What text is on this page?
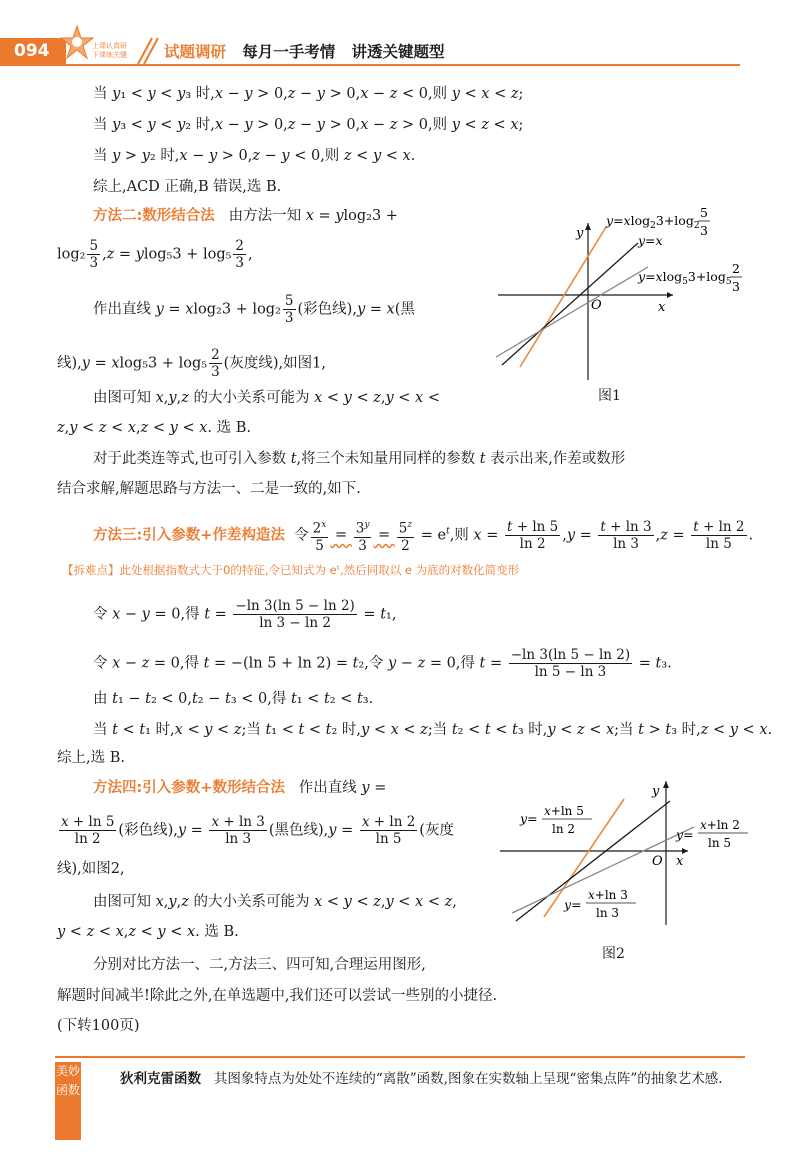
094	上课认真研
下课练关键 试题调研 每月一手考情 讲透关键题型
当 y₁ < y < y₃ 时,x − y > 0,z − y > 0,x − z < 0,则 y < x < z;
当 y₃ < y < y₂ 时,x − y > 0,z − y > 0,x − z > 0,则 y < z < x;
当 y > y₂ 时,x − y > 0,z − y < 0,则 z < y < x.
综上,ACD 正确,B 错误,选 B.
方法二:数形结合法   由方法一知 x = ylog₂3 +
$\log_2 \frac{5}{3} ,z = ylog_53 + \log_5 \frac{2}{3}$ ,
作出直线 $y = xlog_23 + \log_2 \frac{5}{3}$ (彩色线),y = x(黑
线)$,y = xlog_53 + \log_5 \frac{2}{3}$ (灰度线),如图1,
由图可知 x,y,z 的大小关系可能为 x < y < z,y < x <
z,y < z < x,z < y < x. 选 B.
对于此类连等式,也可引入参数 t,将三个未知量用同样的参数 t 表示出来,作差或数形
结合求解,解题思路与方法一、二是一致的,如下.
y
x
O
$y=xlog_23+\log_2$
5
3
y=x
$y=xlog_53+\log_5$
2
3
图1
方法三:引入参数+作差构造法  令 $\frac{2^x}{5} = \frac{3^y}{3} = \frac{5^z}{2} = e^t$,则 $x = \frac{t + \ln 5}{\ln 2} ,y = \frac{t + \ln 3}{\ln 3} ,z = \frac{t + \ln 2}{\ln 5}$ .
【拆难点】此处根据指数式大于0的特征,令已知式为 eᵗ,然后同取以 e 为底的对数化简变形
令 x − y = 0,得 $t = \frac{-\ln 3(\ln 5 - \ln 2)}{\ln 3 - \ln 2} = t_1$,
令 x − z = 0,得 t = −(ln 5 + ln 2) = t₂,令 y − z = 0,得 $t = \frac{-\ln 3(\ln 5 - \ln 2)}{\ln 5 - \ln 3} = t_3$.
由 t₁ − t₂ < 0,t₂ − t₃ < 0,得 t₁ < t₂ < t₃.
当 t < t₁ 时,x < y < z;当 t₁ < t < t₂ 时,y < x < z;当 t₂ < t < t₃ 时,y < z < x;当 t > t₃ 时,z < y < x.
综上,选 B.
方法四:引入参数+数形结合法   作出直线 y =
$\frac{x + \ln 5}{\ln 2}$ (彩色线)$,y = \frac{x + \ln 3}{\ln 3}$ (黑色线)$,y = \frac{x + \ln 2}{\ln 5}$ (灰度
线),如图2,
由图可知 x,y,z 的大小关系可能为 x < y < z,y < x < z,
y < z < x,z < y < x. 选 B.
分别对比方法一、二,方法三、四可知,合理运用图形,
解题时间减半!除此之外,在单选题中,我们还可以尝试一些别的小捷径.
(下转100页)
y
x
O
y= x+ln 5
ln 2	y=
x+ln 2
ln 5
y=
x+ln 3
ln 3
图2
美妙函数
狄利克雷函数 其图象特点为处处不连续的“离散”函数,图象在实数轴上呈现“密集点阵”的抽象艺术感.
